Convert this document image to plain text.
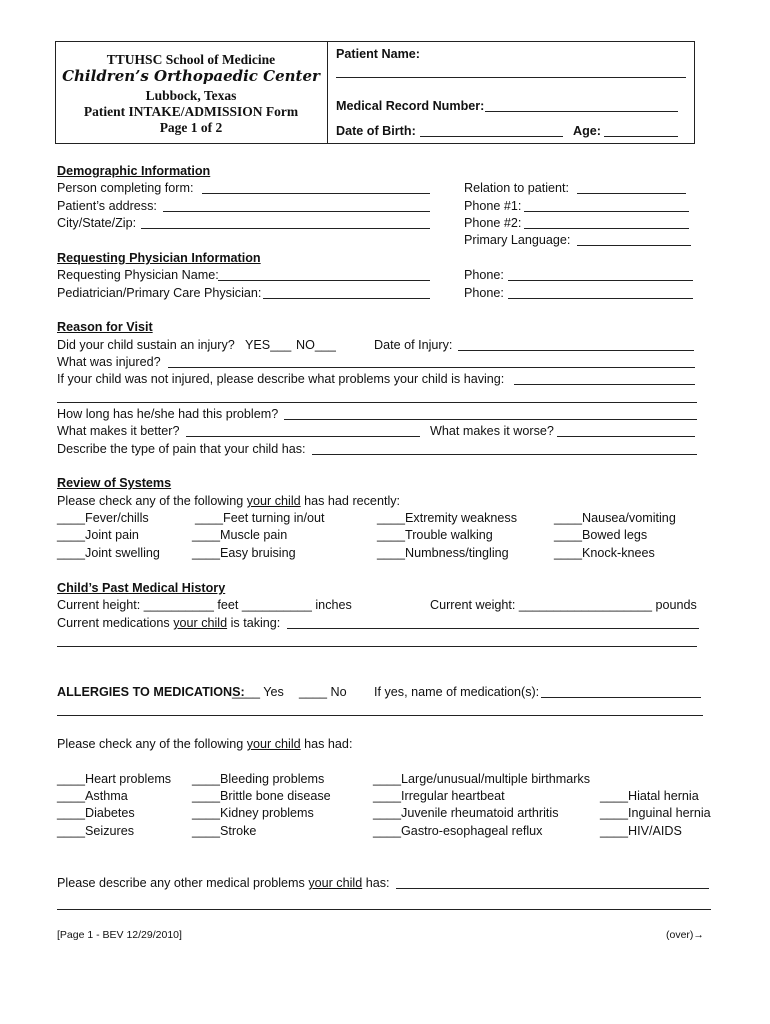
TTUHSC School of Medicine
Children’s Orthopaedic Center
Lubbock, Texas
Patient INTAKE/ADMISSION Form
Page 1 of 2
Patient Name:
Medical Record Number:
Date of Birth:	Age:
Demographic Information
Person completing form:
Patient’s address:
City/State/Zip:
Relation to patient:
Phone #1:
Phone #2:
Primary Language:
Requesting Physician Information
Requesting Physician Name:
Pediatrician/Primary Care Physician:
Phone:
Phone:
Reason for Visit
Did your child sustain an injury? YES___ NO___	Date of Injury:
What was injured?
If your child was not injured, please describe what problems your child is having:
How long has he/she had this problem?
What makes it better?	What makes it worse?
Describe the type of pain that your child has:
Review of Systems
Please check any of the following your child has had recently:
____Fever/chills	____Feet turning in/out	____Extremity weakness	____Nausea/vomiting
____Joint pain	____Muscle pain	____Trouble walking	____Bowed legs
____Joint swelling	____Easy bruising	____Numbness/tingling	____Knock-knees
Child’s Past Medical History
Current height: __________ feet __________ inches	Current weight: ___________________ pounds
Current medications your child is taking:
ALLERGIES TO MEDICATIONS:
____ Yes ____ No If yes, name of medication(s):
Please check any of the following your child has had:
____Heart problems ____Bleeding problems	____Large/unusual/multiple birthmarks
____Asthma	____Brittle bone disease	____Irregular heartbeat	____Hiatal hernia
____Diabetes	____Kidney problems	____Juvenile rheumatoid arthritis	____Inguinal hernia
____Seizures	____Stroke	____Gastro-esophageal reflux	____HIV/AIDS
Please describe any other medical problems your child has:
[Page 1 - BEV 12/29/2010]	(over)→
